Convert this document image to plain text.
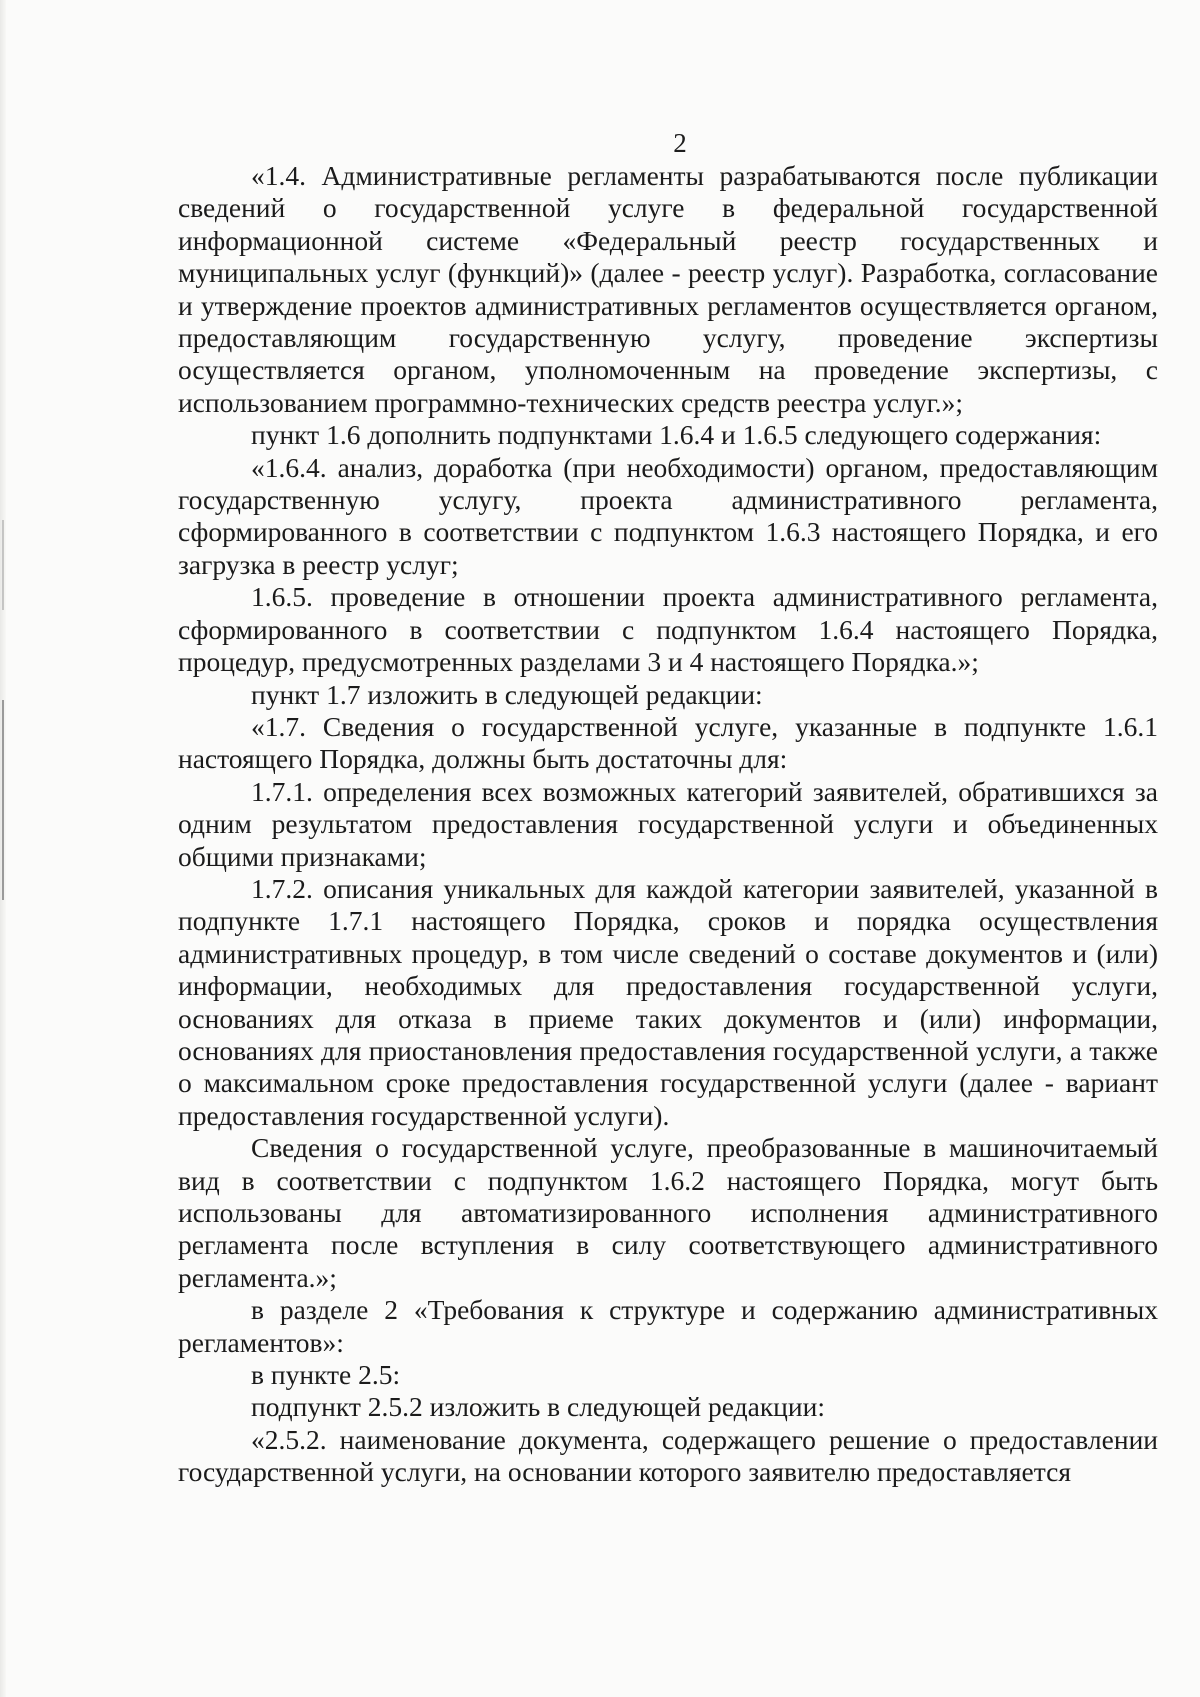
2

«1.4. Административные регламенты разрабатываются после публикации сведений о государственной услуге в федеральной государственной информационной системе «Федеральный реестр государственных и муниципальных услуг (функций)» (далее - реестр услуг). Разработка, согласование и утверждение проектов административных регламентов осуществляется органом, предоставляющим государственную услугу, проведение экспертизы осуществляется органом, уполномоченным на проведение экспертизы, с использованием программно-технических средств реестра услуг.»;

пункт 1.6 дополнить подпунктами 1.6.4 и 1.6.5 следующего содержания:

«1.6.4. анализ, доработка (при необходимости) органом, предоставляющим государственную услугу, проекта административного регламента, сформированного в соответствии с подпунктом 1.6.3 настоящего Порядка, и его загрузка в реестр услуг;

1.6.5. проведение в отношении проекта административного регламента, сформированного в соответствии с подпунктом 1.6.4 настоящего Порядка, процедур, предусмотренных разделами 3 и 4 настоящего Порядка.»;

пункт 1.7 изложить в следующей редакции:

«1.7. Сведения о государственной услуге, указанные в подпункте 1.6.1 настоящего Порядка, должны быть достаточны для:

1.7.1. определения всех возможных категорий заявителей, обратившихся за одним результатом предоставления государственной услуги и объединенных общими признаками;

1.7.2. описания уникальных для каждой категории заявителей, указанной в подпункте 1.7.1 настоящего Порядка, сроков и порядка осуществления административных процедур, в том числе сведений о составе документов и (или) информации, необходимых для предоставления государственной услуги, основаниях для отказа в приеме таких документов и (или) информации, основаниях для приостановления предоставления государственной услуги, а также о максимальном сроке предоставления государственной услуги (далее - вариант предоставления государственной услуги).

Сведения о государственной услуге, преобразованные в машиночитаемый вид в соответствии с подпунктом 1.6.2 настоящего Порядка, могут быть использованы для автоматизированного исполнения административного регламента после вступления в силу соответствующего административного регламента.»;

в разделе 2 «Требования к структуре и содержанию административных регламентов»:

в пункте 2.5:

подпункт 2.5.2 изложить в следующей редакции:

«2.5.2. наименование документа, содержащего решение о предоставлении государственной услуги, на основании которого заявителю предоставляется
